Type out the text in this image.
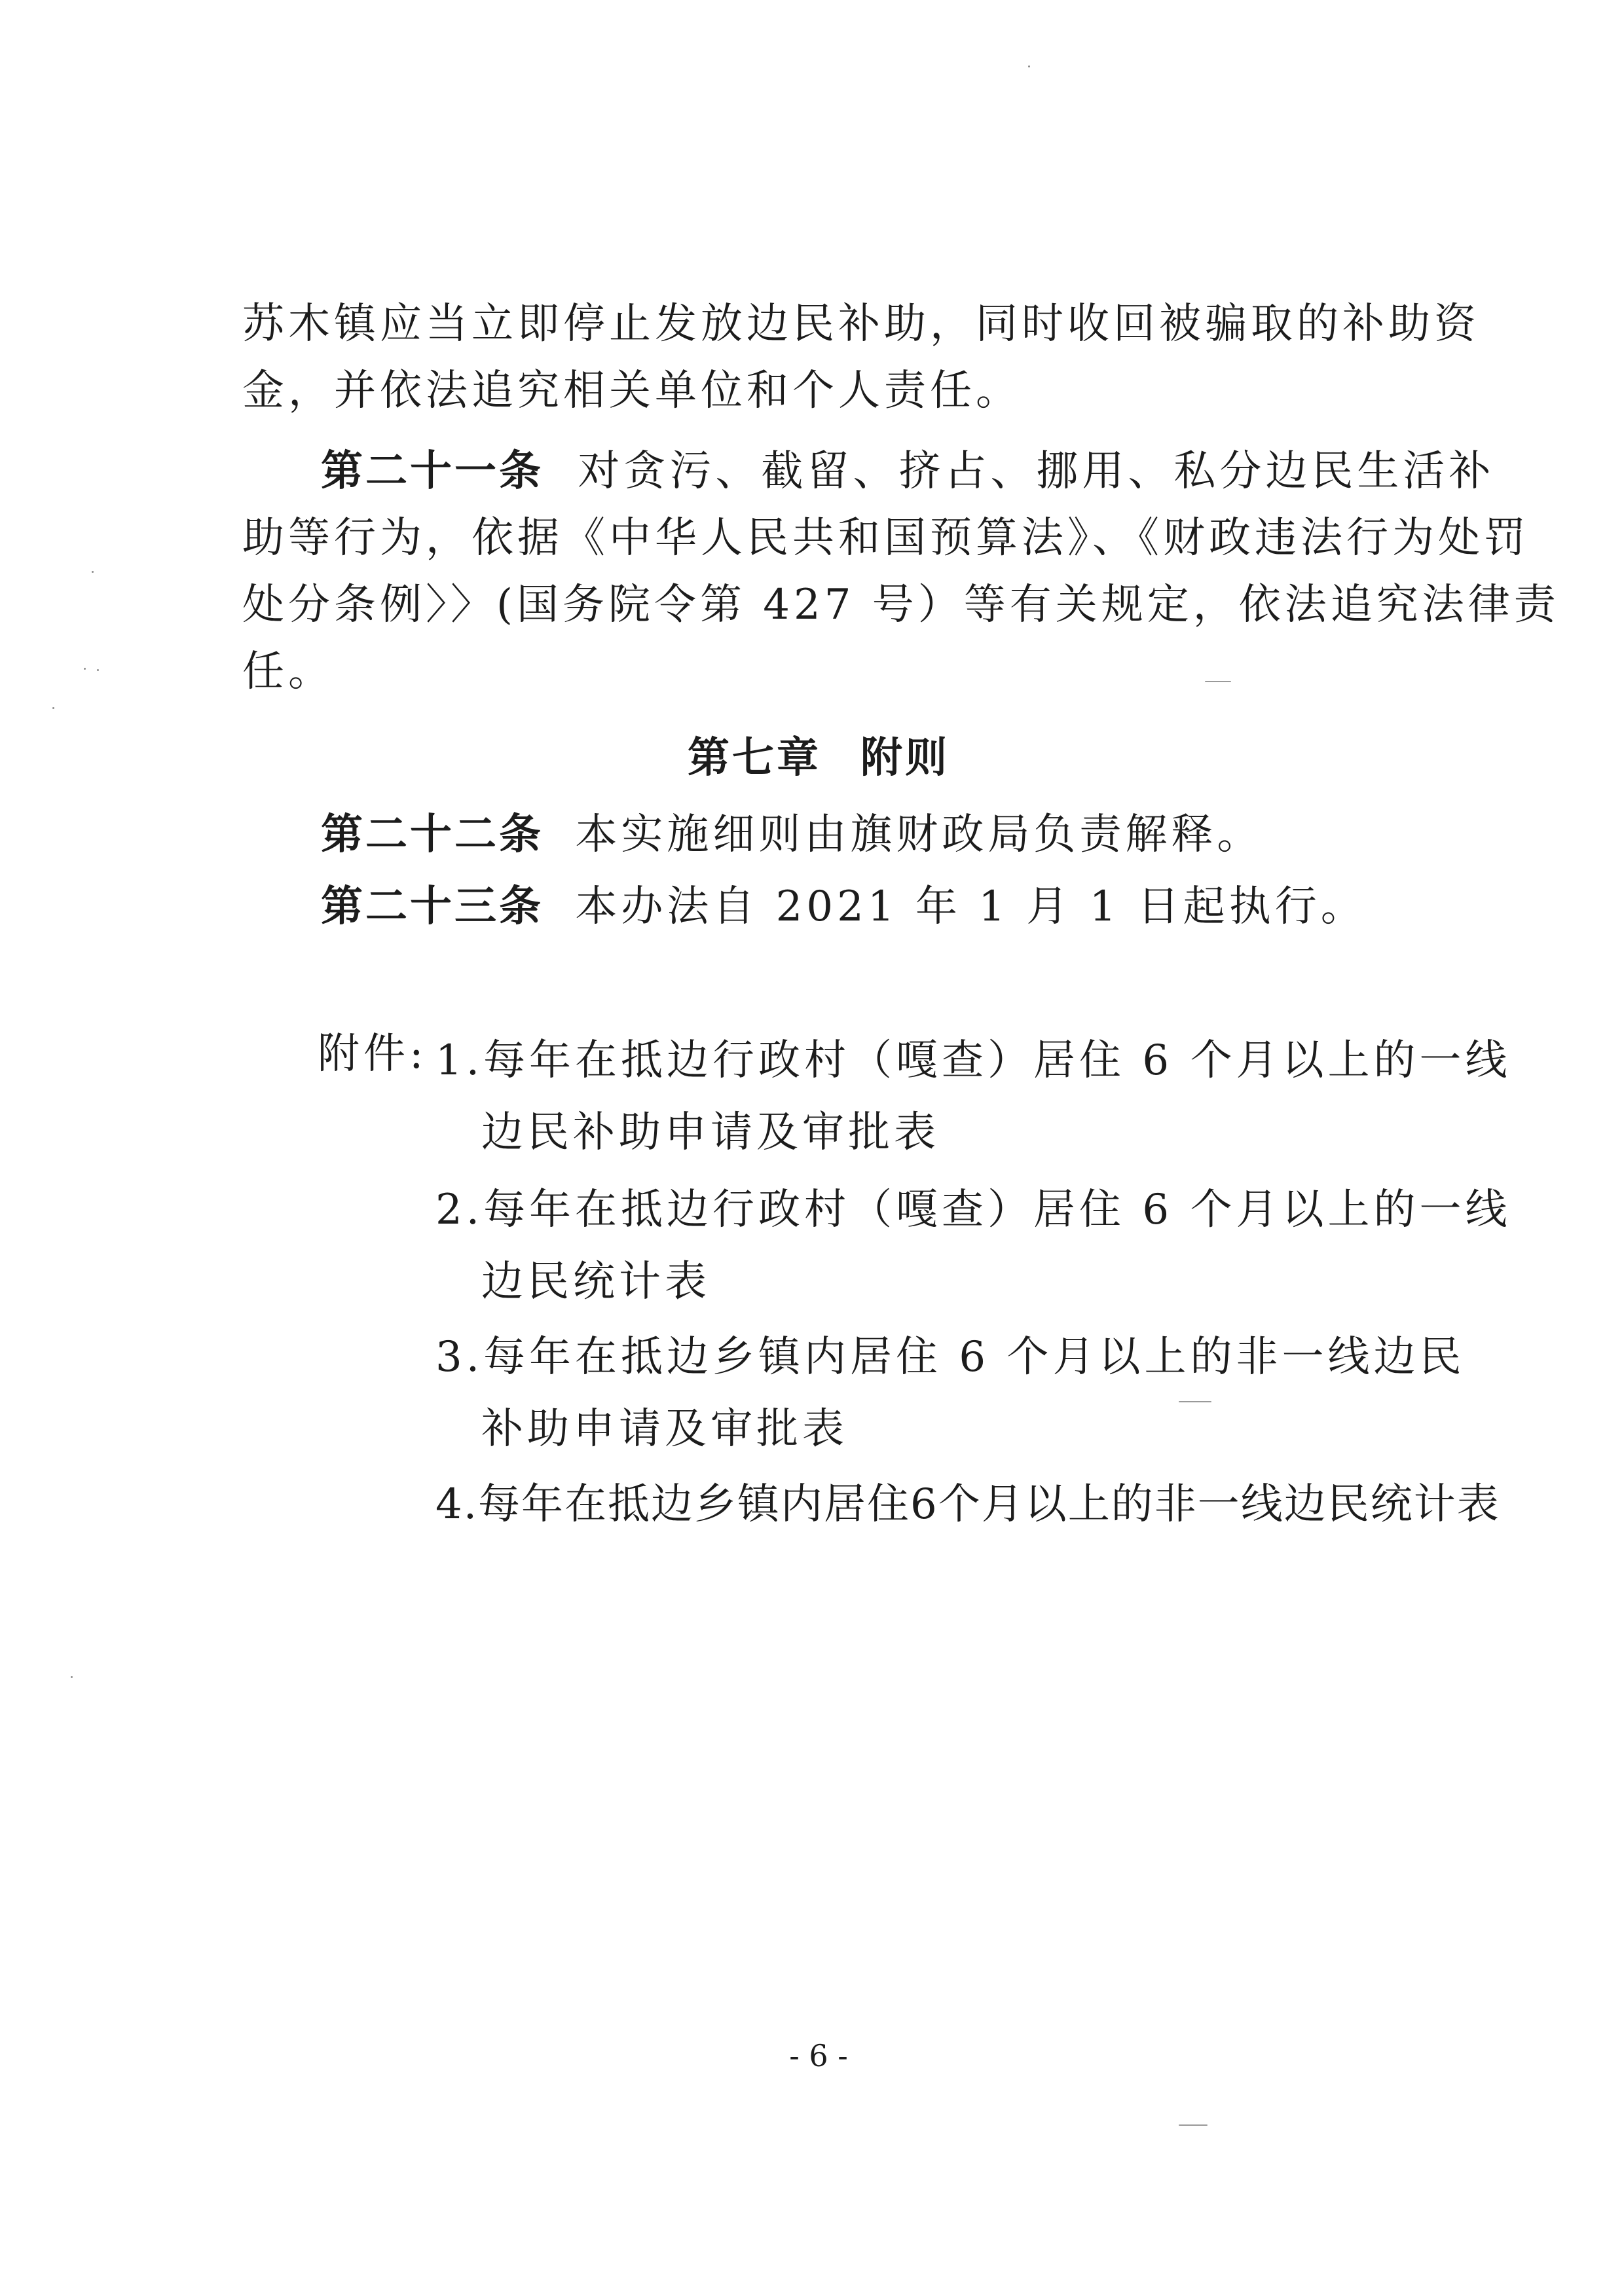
苏木镇应当立即停止发放边民补助，同时收回被骗取的补助资
金，并依法追究相关单位和个人责任。
第二十一条 对贪污、截留、挤占、挪用、私分边民生活补
助等行为，依据《中华人民共和国预算法》、《财政违法行为处罚
处分条例〉〉(国务院令第 427 号）等有关规定，依法追究法律责
任。
第七章 附则
第二十二条 本实施细则由旗财政局负责解释。
第二十三条 本办法自 2021 年 1 月 1 日起执行。
附件: 1.每年在抵边行政村（嘎查）居住 6 个月以上的一线
边民补助申请及审批表
2.每年在抵边行政村（嘎查）居住 6 个月以上的一线
边民统计表
3.每年在抵边乡镇内居住 6 个月以上的非一线边民
补助申请及审批表
4.每年在抵边乡镇内居住6个月以上的非一线边民统计表
- 6 -
